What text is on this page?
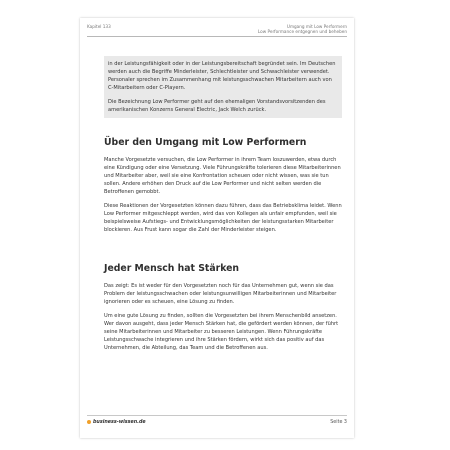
Kapitel 133	Umgang mit Low Performern
Low Performance entgegnen und beheben

in der Leistungsfähigkeit oder in der Leistungsbereitschaft begründet sein. Im Deutschen werden auch die Begriffe Minderleister, Schlechtleister und Schwachleister verwendet. Personaler sprechen im Zusammenhang mit leistungsschwachen Mitarbeitern auch von C-Mitarbeitern oder C-Playern.

Die Bezeichnung Low Performer geht auf den ehemaligen Vorstandsvorsitzenden des amerikanischen Konzerns General Electric, Jack Welch zurück.

Über den Umgang mit Low Performern

Manche Vorgesetzte versuchen, die Low Performer in ihrem Team loszuwerden, etwa durch eine Kündigung oder eine Versetzung. Viele Führungskräfte tolerieren diese Mitarbeiterinnen und Mitarbeiter aber, weil sie eine Konfrontation scheuen oder nicht wissen, was sie tun sollen. Andere erhöhen den Druck auf die Low Performer und nicht selten werden die Betroffenen gemobbt.

Diese Reaktionen der Vorgesetzten können dazu führen, dass das Betriebsklima leidet. Wenn Low Performer mitgeschleppt werden, wird das von Kollegen als unfair empfunden, weil sie beispielsweise Aufstiegs- und Entwicklungsmöglichkeiten der leistungsstarken Mitarbeiter blockieren. Aus Frust kann sogar die Zahl der Minderleister steigen.

Jeder Mensch hat Stärken

Das zeigt: Es ist weder für den Vorgesetzten noch für das Unternehmen gut, wenn sie das Problem der leistungsschwachen oder leistungsunwilligen Mitarbeiterinnen und Mitarbeiter ignorieren oder es scheuen, eine Lösung zu finden.

Um eine gute Lösung zu finden, sollten die Vorgesetzten bei ihrem Menschenbild ansetzen. Wer davon ausgeht, dass jeder Mensch Stärken hat, die gefördert werden können, der führt seine Mitarbeiterinnen und Mitarbeiter zu besseren Leistungen. Wenn Führungskräfte Leistungsschwache integrieren und ihre Stärken fördern, wirkt sich das positiv auf das Unternehmen, die Abteilung, das Team und die Betroffenen aus.

business-wissen.de	Seite 3
